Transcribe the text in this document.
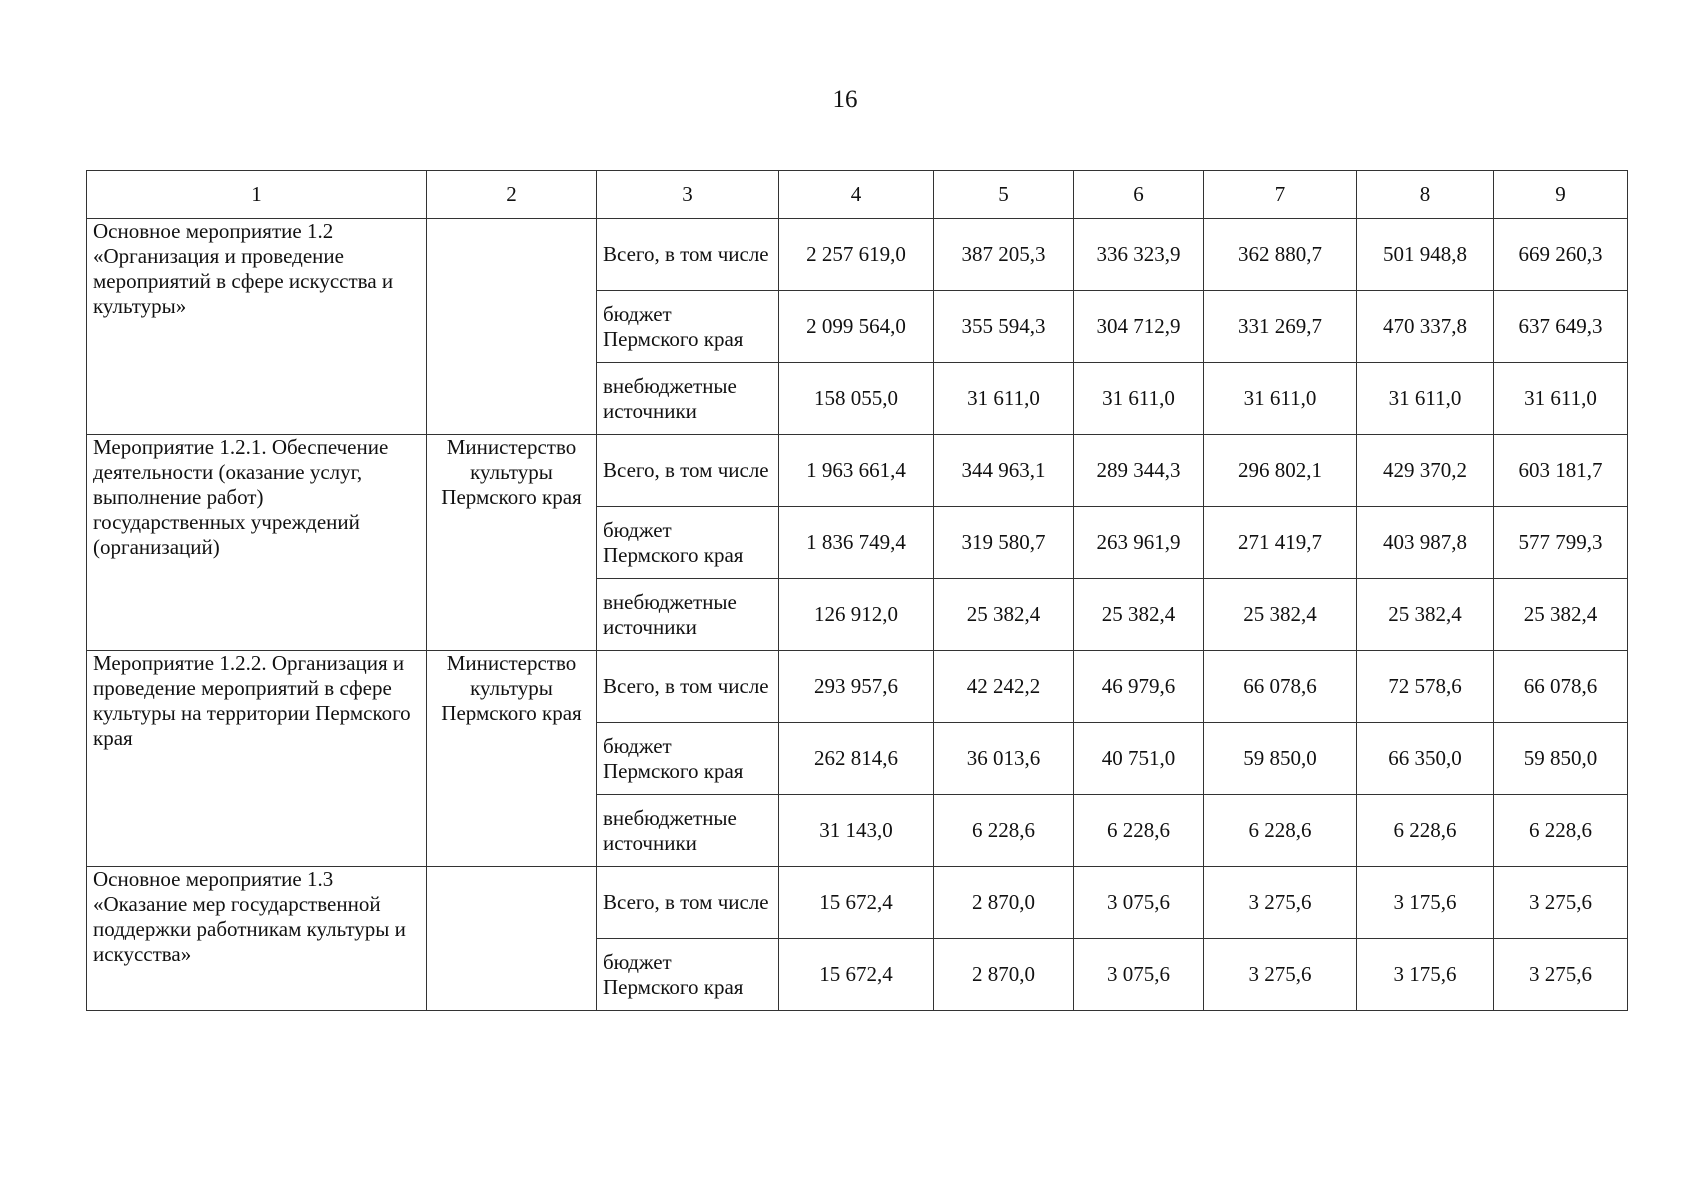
16
1	2	3	4	5	6	7	8	9
Основное мероприятие 1.2 «Организация и проведение мероприятий в сфере искусства и культуры»		Всего, в том числе	2 257 619,0	387 205,3	336 323,9	362 880,7	501 948,8	669 260,3
		бюджет Пермского края	2 099 564,0	355 594,3	304 712,9	331 269,7	470 337,8	637 649,3
		внебюджетные источники	158 055,0	31 611,0	31 611,0	31 611,0	31 611,0	31 611,0
Мероприятие 1.2.1. Обеспечение деятельности (оказание услуг, выполнение работ) государственных учреждений (организаций)	Министерство культуры Пермского края	Всего, в том числе	1 963 661,4	344 963,1	289 344,3	296 802,1	429 370,2	603 181,7
		бюджет Пермского края	1 836 749,4	319 580,7	263 961,9	271 419,7	403 987,8	577 799,3
		внебюджетные источники	126 912,0	25 382,4	25 382,4	25 382,4	25 382,4	25 382,4
Мероприятие 1.2.2. Организация и проведение мероприятий в сфере культуры на территории Пермского края	Министерство культуры Пермского края	Всего, в том числе	293 957,6	42 242,2	46 979,6	66 078,6	72 578,6	66 078,6
		бюджет Пермского края	262 814,6	36 013,6	40 751,0	59 850,0	66 350,0	59 850,0
		внебюджетные источники	31 143,0	6 228,6	6 228,6	6 228,6	6 228,6	6 228,6
Основное мероприятие 1.3 «Оказание мер государственной поддержки работникам культуры и искусства»		Всего, в том числе	15 672,4	2 870,0	3 075,6	3 275,6	3 175,6	3 275,6
		бюджет Пермского края	15 672,4	2 870,0	3 075,6	3 275,6	3 175,6	3 275,6
